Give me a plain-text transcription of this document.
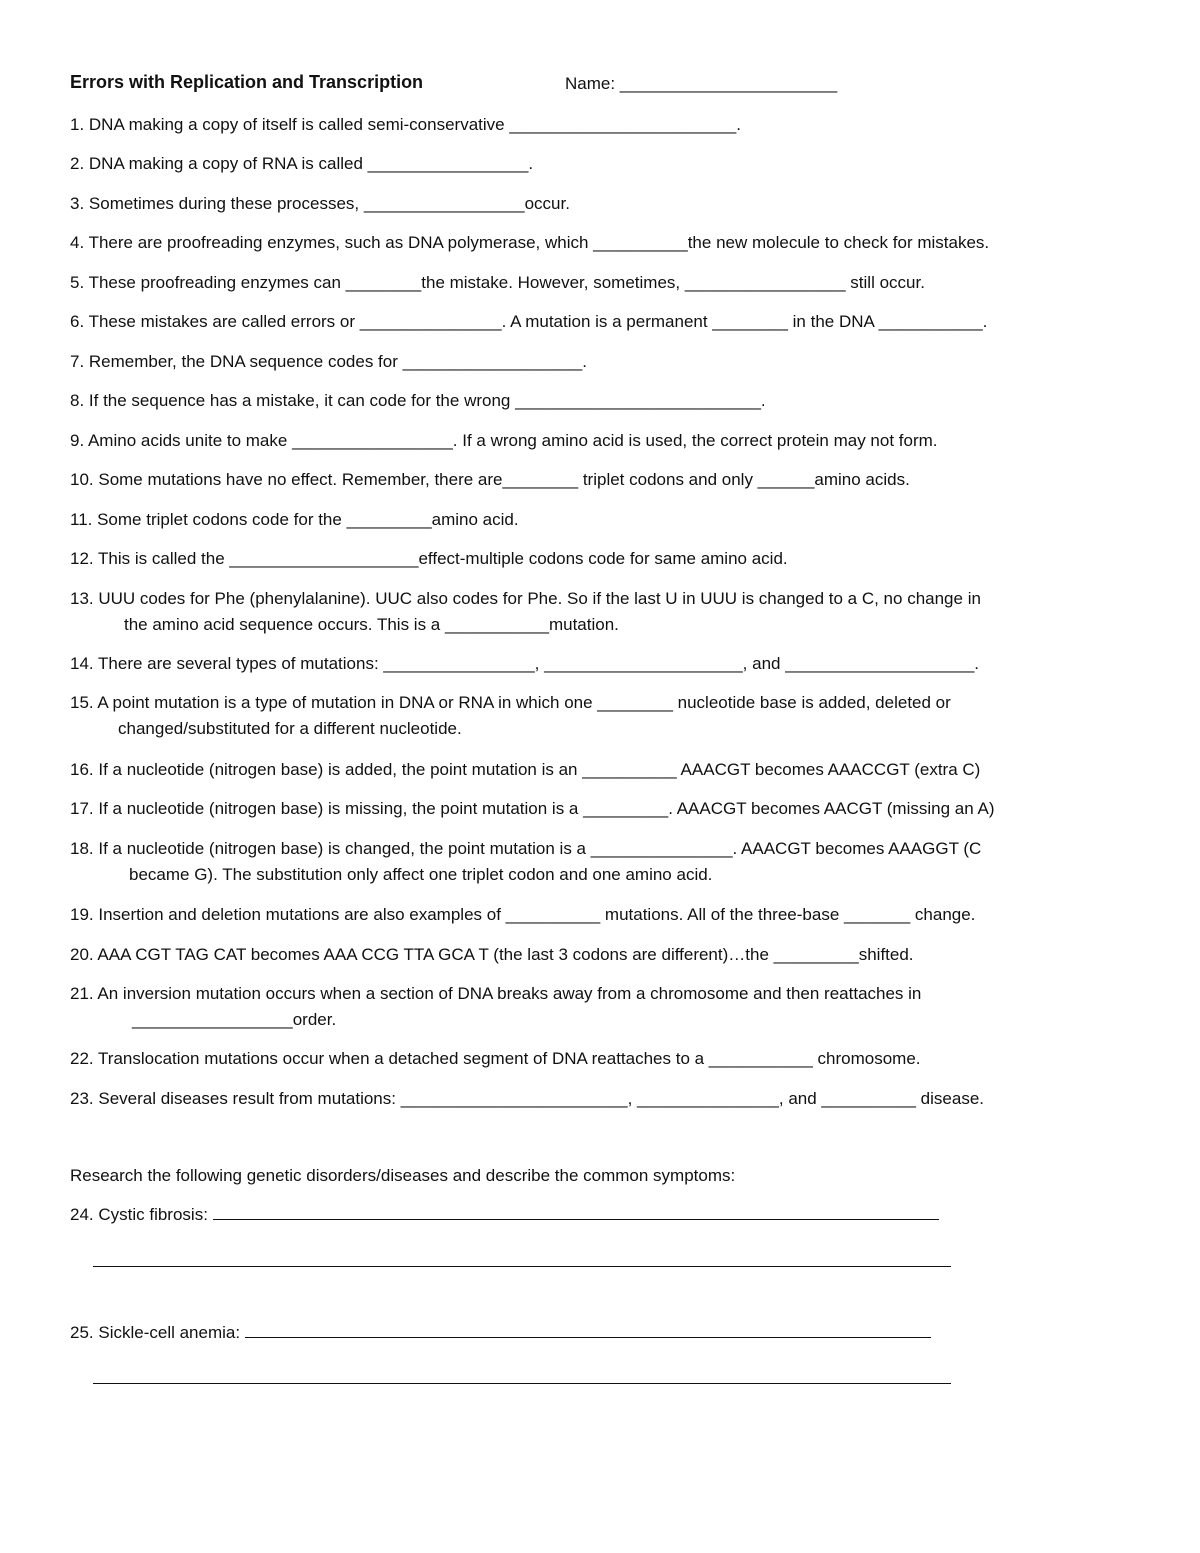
Errors with Replication and Transcription	Name: _______________________
1. DNA making a copy of itself is called semi-conservative ________________________.
2. DNA making a copy of RNA is called _________________.
3. Sometimes during these processes, _________________occur.
4. There are proofreading enzymes, such as DNA polymerase, which __________the new molecule to check for mistakes.
5. These proofreading enzymes can ________the mistake. However, sometimes, _________________ still occur.
6. These mistakes are called errors or _______________. A mutation is a permanent ________ in the DNA ___________.
7. Remember, the DNA sequence codes for ___________________.
8. If the sequence has a mistake, it can code for the wrong __________________________.
9. Amino acids unite to make _________________. If a wrong amino acid is used, the correct protein may not form.
10. Some mutations have no effect. Remember, there are________ triplet codons and only ______amino acids.
11. Some triplet codons code for the _________amino acid.
12. This is called the ____________________effect-multiple codons code for same amino acid.
13. UUU codes for Phe (phenylalanine). UUC also codes for Phe. So if the last U in UUU is changed to a C, no change in
the amino acid sequence occurs. This is a ___________mutation.
14. There are several types of mutations: ________________, _____________________, and ____________________.
15. A point mutation is a type of mutation in DNA or RNA in which one ________ nucleotide base is added, deleted or
changed/substituted for a different nucleotide.
16. If a nucleotide (nitrogen base) is added, the point mutation is an __________ AAACGT becomes AAACCGT (extra C)
17. If a nucleotide (nitrogen base) is missing, the point mutation is a _________. AAACGT becomes AACGT (missing an A)
18. If a nucleotide (nitrogen base) is changed, the point mutation is a _______________. AAACGT becomes AAAGGT (C
became G). The substitution only affect one triplet codon and one amino acid.
19. Insertion and deletion mutations are also examples of __________ mutations. All of the three-base _______ change.
20. AAA CGT TAG CAT becomes AAA CCG TTA GCA T (the last 3 codons are different)…the _________shifted.
21. An inversion mutation occurs when a section of DNA breaks away from a chromosome and then reattaches in
_________________order.
22. Translocation mutations occur when a detached segment of DNA reattaches to a ___________ chromosome.
23. Several diseases result from mutations: ________________________, _______________, and __________ disease.
Research the following genetic disorders/diseases and describe the common symptoms:
24. Cystic fibrosis:
25. Sickle-cell anemia:
